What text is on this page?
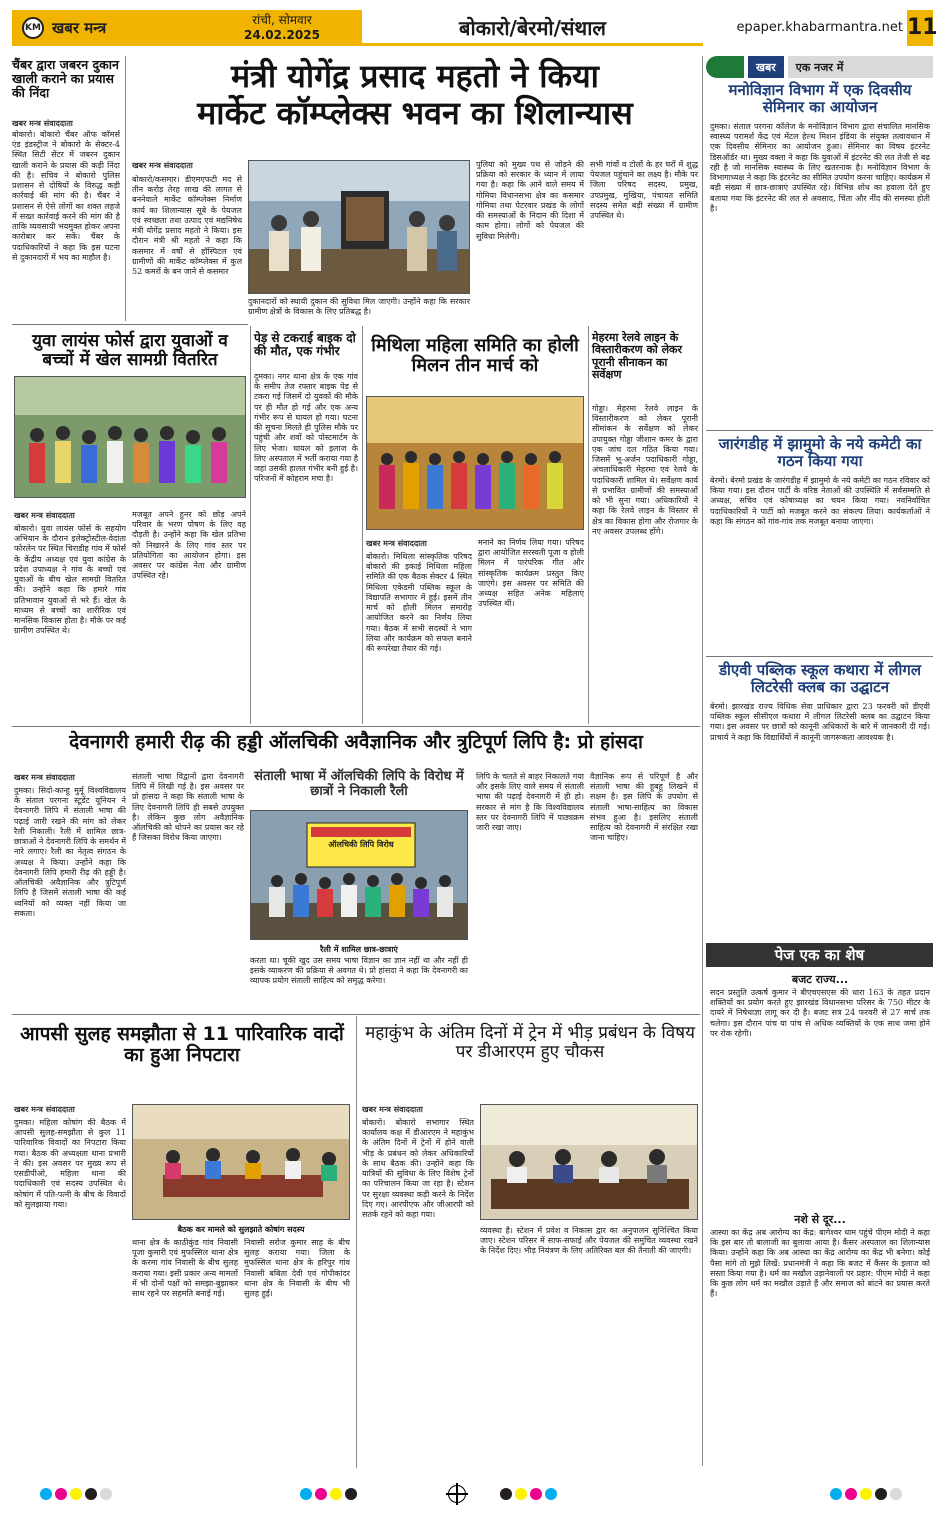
KM खबर मन्त्र	रांची, सोमवार
24.02.2025	बोकारो/बेरमो/संथाल	epaper.khabarmantra.net 11
चैंबर द्वारा जबरन दुकान खाली कराने का प्रयास की निंदा
खबर मन्त्र संवाददाता
बोकारो। बोकारो चैंबर ऑफ कॉमर्स एंड इंडस्ट्रीज ने बोकारो के सेक्टर-4 स्थित सिटी सेंटर में जबरन दुकान खाली कराने के प्रयास की कड़ी निंदा की है। सचिव ने बोकारो पुलिस प्रशासन से दोषियों के विरुद्ध कड़ी कार्रवाई की मांग की है। चैंबर ने प्रशासन से ऐसे लोगों का शक्त लहजे में सख्त कार्रवाई करने की मांग की है ताकि व्यवसायी भयमुक्त होकर अपना कारोबार कर सकें। चैंबर के पदाधिकारियों ने कहा कि इस घटना से दुकानदारों में भय का माहौल है।
मंत्री योगेंद्र प्रसाद महतो ने किया
मार्केट कॉम्प्लेक्स भवन का शिलान्यास
खबर मन्त्र संवाददाता
बोकारो/कसमार। डीएमएफटी मद से तीन करोड़ तेरह लाख की लागत से बननेवाले मार्केट कॉम्प्लेक्स निर्माण कार्य का शिलान्यास सूबे के पेयजल एवं स्वच्छता तथा उत्पाद एवं मद्यनिषेध मंत्री योगेंद्र प्रसाद महतो ने किया। इस दौरान मंत्री श्री महतो ने कहा कि कसमार में वर्षों से हॉस्पिटल एवं ग्रामीणों की मार्केट कॉम्प्लेक्स में कुल 52 कमरों के बन जाने से कसमार
दुकानदारों को स्थायी दुकान की सुविधा मिल जाएगी। उन्होंने कहा कि सरकार ग्रामीण क्षेत्रों के विकास के लिए प्रतिबद्ध है।
पुलिया को मुख्य पथ से जोड़ने की प्रक्रिया को सरकार के ध्यान में लाया गया है। कहा कि आने वाले समय में गोमिया विधानसभा क्षेत्र का कसमार गोमिया तथा पेटरवार प्रखंड के लोगों की समस्याओं के निदान की दिशा में काम होगा। लोगों को पेयजल की सुविधा मिलेगी।
सभी गांवों व टोलों के हर घरों में शुद्ध पेयजल पहुंचाने का लक्ष्य है। मौके पर जिला परिषद सदस्य, प्रमुख, उपप्रमुख, मुखिया, पंचायत समिति सदस्य समेत बड़ी संख्या में ग्रामीण उपस्थित थे।
खबर	एक नजर में
मनोविज्ञान विभाग में एक दिवसीय सेमिनार का आयोजन
दुमका। संताल परगना कॉलेज के मनोविज्ञान विभाग द्वारा संचालित मानसिक स्वास्थ्य परामर्श केंद्र एवं मेंटल हेल्थ मिशन इंडिया के संयुक्त तत्वावधान में एक दिवसीय सेमिनार का आयोजन हुआ। सेमिनार का विषय इंटरनेट डिसऑर्डर था। मुख्य वक्ता ने कहा कि युवाओं में इंटरनेट की लत तेजी से बढ़ रही है जो मानसिक स्वास्थ्य के लिए खतरनाक है। मनोविज्ञान विभाग के विभागाध्यक्ष ने कहा कि इंटरनेट का सीमित उपयोग करना चाहिए। कार्यक्रम में बड़ी संख्या में छात्र-छात्राएं उपस्थित रहे। विभिन्न शोध का हवाला देते हुए बताया गया कि इंटरनेट की लत से अवसाद, चिंता और नींद की समस्या होती है।
जारंगडीह में झामुमो के नये कमेटी का गठन किया गया
बेरमो। बेरमो प्रखंड के जारंगडीह में झामुमो के नये कमेटी का गठन रविवार को किया गया। इस दौरान पार्टी के वरिष्ठ नेताओं की उपस्थिति में सर्वसम्मति से अध्यक्ष, सचिव एवं कोषाध्यक्ष का चयन किया गया। नवनिर्वाचित पदाधिकारियों ने पार्टी को मजबूत करने का संकल्प लिया। कार्यकर्ताओं ने कहा कि संगठन को गांव-गांव तक मजबूत बनाया जाएगा।
डीएवी पब्लिक स्कूल कथारा में लीगल लिटरेसी क्लब का उद्घाटन
बेरमो। झारखंड राज्य विधिक सेवा प्राधिकार द्वारा 23 फरवरी को डीएवी पब्लिक स्कूल सीसीएल कथारा में लीगल लिटरेसी क्लब का उद्घाटन किया गया। इस अवसर पर छात्रों को कानूनी अधिकारों के बारे में जानकारी दी गई। प्राचार्य ने कहा कि विद्यार्थियों में कानूनी जागरूकता आवश्यक है।
पेज एक का शेष
बजट राज्य...
सदन प्रस्तुति उत्कर्ष कुमार ने बीएचएसएस की धारा 163 के तहत प्रदान शक्तियों का प्रयोग करते हुए झारखंड विधानसभा परिसर के 750 मीटर के दायरे में निषेधाज्ञा लागू कर दी है। बजट सत्र 24 फरवरी से 27 मार्च तक चलेगा। इस दौरान पांच या पांच से अधिक व्यक्तियों के एक साथ जमा होने पर रोक रहेगी।
नशे से दूर...
आस्था का केंद्र अब आरोग्य का केंद्र: बागेश्वर धाम पहुंचे पीएम मोदी ने कहा कि इस बार तो बालाजी का बुलावा आया है। कैंसर अस्पताल का शिलान्यास किया। उन्होंने कहा कि अब आस्था का केंद्र आरोग्य का केंद्र भी बनेगा। कोई पैसा मांगे तो मुझे लिखें: प्रधानमंत्री ने कहा कि बजट में कैंसर के इलाज को सस्ता किया गया है। धर्म का मखौल उड़ानेवालों पर प्रहार: पीएम मोदी ने कहा कि कुछ लोग धर्म का मखौल उड़ाते हैं और समाज को बांटने का प्रयास करते हैं।
युवा लायंस फोर्स द्वारा युवाओं व बच्चों में खेल सामग्री वितरित
खबर मन्त्र संवाददाता
बोकारो। युवा लायंस फोर्स के सहयोग अभियान के दौरान इलेक्ट्रोस्टील-वेदांता फोरलेन पर स्थित चिराडीह गांव में फोर्स के केंद्रीय अध्यक्ष एवं युवा कांग्रेस के प्रदेश उपाध्यक्ष ने गांव के बच्चों एवं युवाओं के बीच खेल सामग्री वितरित की। उन्होंने कहा कि हमारे गांव प्रतिभावान युवाओं से भरे हैं। खेल के माध्यम से बच्चों का शारीरिक एवं मानसिक विकास होता है। मौके पर कई ग्रामीण उपस्थित थे।
मजबूत अपने हुनर को छोड़ अपने परिवार के भरण पोषण के लिए वह दौड़ती है। उन्होंने कहा कि खेल प्रतिभा को निखारने के लिए गांव स्तर पर प्रतियोगिता का आयोजन होगा। इस अवसर पर कांग्रेस नेता और ग्रामीण उपस्थित रहे।
पेड़ से टकराई बाइक दो की मौत, एक गंभीर
दुमका। नगर थाना क्षेत्र के एक गांव के समीप तेज रफ्तार बाइक पेड़ से टकरा गई जिसमें दो युवकों की मौके पर ही मौत हो गई और एक अन्य गंभीर रूप से घायल हो गया। घटना की सूचना मिलते ही पुलिस मौके पर पहुंची और शवों को पोस्टमार्टम के लिए भेजा। घायल को इलाज के लिए अस्पताल में भर्ती कराया गया है जहां उसकी हालत गंभीर बनी हुई है। परिजनों में कोहराम मचा है।
मिथिला महिला समिति का होली मिलन तीन मार्च को
खबर मन्त्र संवाददाता
बोकारो। मिथिला सांस्कृतिक परिषद बोकारो की इकाई मिथिला महिला समिति की एक बैठक सेक्टर 4 स्थित मिथिला एकेडमी पब्लिक स्कूल के विद्यापति सभागार में हुई। इसमें तीन मार्च को होली मिलन समारोह आयोजित करने का निर्णय लिया गया। बैठक में सभी सदस्यों ने भाग लिया और कार्यक्रम को सफल बनाने की रूपरेखा तैयार की गई।
मनाने का निर्णय लिया गया। परिषद द्वारा आयोजित सरस्वती पूजा व होली मिलन में पारंपरिक गीत और सांस्कृतिक कार्यक्रम प्रस्तुत किए जाएंगे। इस अवसर पर समिति की अध्यक्ष सहित अनेक महिलाएं उपस्थित थीं।
मेहरमा रेलवे लाइन के विस्तारीकरण को लेकर पूरानी सीनाकन का सर्वेक्षण
गोड्डा। मेहरमा रेलवे लाइन के विस्तारीकरण को लेकर पूरानी सीमांकन के सर्वेक्षण को लेकर उपायुक्त गोड्डा जीशान कमर के द्वारा एक जांच दल गठित किया गया। जिसमें भू-अर्जन पदाधिकारी गोड्डा, अंचलाधिकारी मेहरमा एवं रेलवे के पदाधिकारी शामिल थे। सर्वेक्षण कार्य से प्रभावित ग्रामीणों की समस्याओं को भी सुना गया। अधिकारियों ने कहा कि रेलवे लाइन के विस्तार से क्षेत्र का विकास होगा और रोजगार के नए अवसर उपलब्ध होंगे।
देवनागरी हमारी रीढ़ की हड्डी ऑलचिकी अवैज्ञानिक और त्रुटिपूर्ण लिपि है: प्रो हांसदा
खबर मन्त्र संवाददाता
दुमका। सिदो-कान्हु मुर्मू विश्वविद्यालय के संताल परगना स्टूडेंट यूनियन ने देवनागरी लिपि में संताली भाषा की पढ़ाई जारी रखने की मांग को लेकर रैली निकाली। रैली में शामिल छात्र-छात्राओं ने देवनागरी लिपि के समर्थन में नारे लगाए। रैली का नेतृत्व संगठन के अध्यक्ष ने किया। उन्होंने कहा कि देवनागरी लिपि हमारी रीढ़ की हड्डी है। ऑलचिकी अवैज्ञानिक और त्रुटिपूर्ण लिपि है जिसमें संताली भाषा की कई ध्वनियों को व्यक्त नहीं किया जा सकता।
संताली भाषा विद्वानों द्वारा देवनागरी लिपि में लिखी गई है। इस अवसर पर प्रो हांसदा ने कहा कि संताली भाषा के लिए देवनागरी लिपि ही सबसे उपयुक्त है। लेकिन कुछ लोग अवैज्ञानिक ऑलचिकी को थोपने का प्रयास कर रहे हैं जिसका विरोध किया जाएगा।
संताली भाषा में ऑलचिकी लिपि के विरोध में छात्रों ने निकाली रैली
ऑलचिकी लिपि विरोध
रैली में शामिल छात्र-छात्राएं
करता था। चूकी खुद उस समय भाषा विज्ञान का ज्ञान नहीं था और नहीं ही इसके व्याकरण की प्रक्रिया से अवगत थे। प्रो हांसदा ने कहा कि देवनागरी का व्यापक प्रयोग संताली साहित्य को समृद्ध करेगा।
लिपि के चलते से बाहर निकालते गया और इसके लिए वाले समय में संताली भाषा की पढ़ाई देवनागरी में ही हो। सरकार से मांग है कि विश्वविद्यालय स्तर पर देवनागरी लिपि में पाठ्यक्रम जारी रखा जाए।
वैज्ञानिक रूप से परिपूर्ण है और संताली भाषा की हूबहू लिखने में सक्षम है। इस लिपि के उपयोग से संताली भाषा-साहित्य का विकास संभव हुआ है। इसलिए संताली साहित्य को देवनागरी में संरक्षित रखा जाना चाहिए।
आपसी सुलह समझौता से 11 पारिवारिक वादों का हुआ निपटारा
खबर मन्त्र संवाददाता
दुमका। महिला कोषांग की बैठक में आपसी सुलह-समझौता से कुल 11 पारिवारिक विवादों का निपटारा किया गया। बैठक की अध्यक्षता थाना प्रभारी ने की। इस अवसर पर मुख्य रूप से एसडीपीओ, महिला थाना की पदाधिकारी एवं सदस्य उपस्थित थे। कोषांग में पति-पत्नी के बीच के विवादों को सुलझाया गया।
बैठक कर मामले को सुलझाते कोषांग सदस्य
थाना क्षेत्र के काठीकुंड गांव निवासी पूजा कुमारी एवं मुफस्सिल थाना क्षेत्र के करमा गांव निवासी के बीच सुलह कराया गया। इसी प्रकार अन्य मामलों में भी दोनों पक्षों को समझा-बुझाकर साथ रहने पर सहमति बनाई गई।
निवासी सरोज कुमार साह के बीच सुलह कराया गया। जिला के मुफस्सिल थाना क्षेत्र के हरिपुर गांव निवासी बबिता देवी एवं गोपीकांदर थाना क्षेत्र के निवासी के बीच भी सुलह हुई।
महाकुंभ के अंतिम दिनों में ट्रेन में भीड़ प्रबंधन के विषय पर डीआरएम हुए चौकस
खबर मन्त्र संवाददाता
बोकारो। बोकारो सभागार स्थित कार्यालय कक्ष में डीआरएम ने महाकुंभ के अंतिम दिनों में ट्रेनों में होने वाली भीड़ के प्रबंधन को लेकर अधिकारियों के साथ बैठक की। उन्होंने कहा कि यात्रियों की सुविधा के लिए विशेष ट्रेनों का परिचालन किया जा रहा है। स्टेशन पर सुरक्षा व्यवस्था कड़ी करने के निर्देश दिए गए। आरपीएफ और जीआरपी को सतर्क रहने को कहा गया।
व्यवस्था है। स्टेशन में प्रवेश व निकास द्वार का अनुपालन सुनिश्चित किया जाए। स्टेशन परिसर में साफ-सफाई और पेयजल की समुचित व्यवस्था रखने के निर्देश दिए। भीड़ नियंत्रण के लिए अतिरिक्त बल की तैनाती की जाएगी।
